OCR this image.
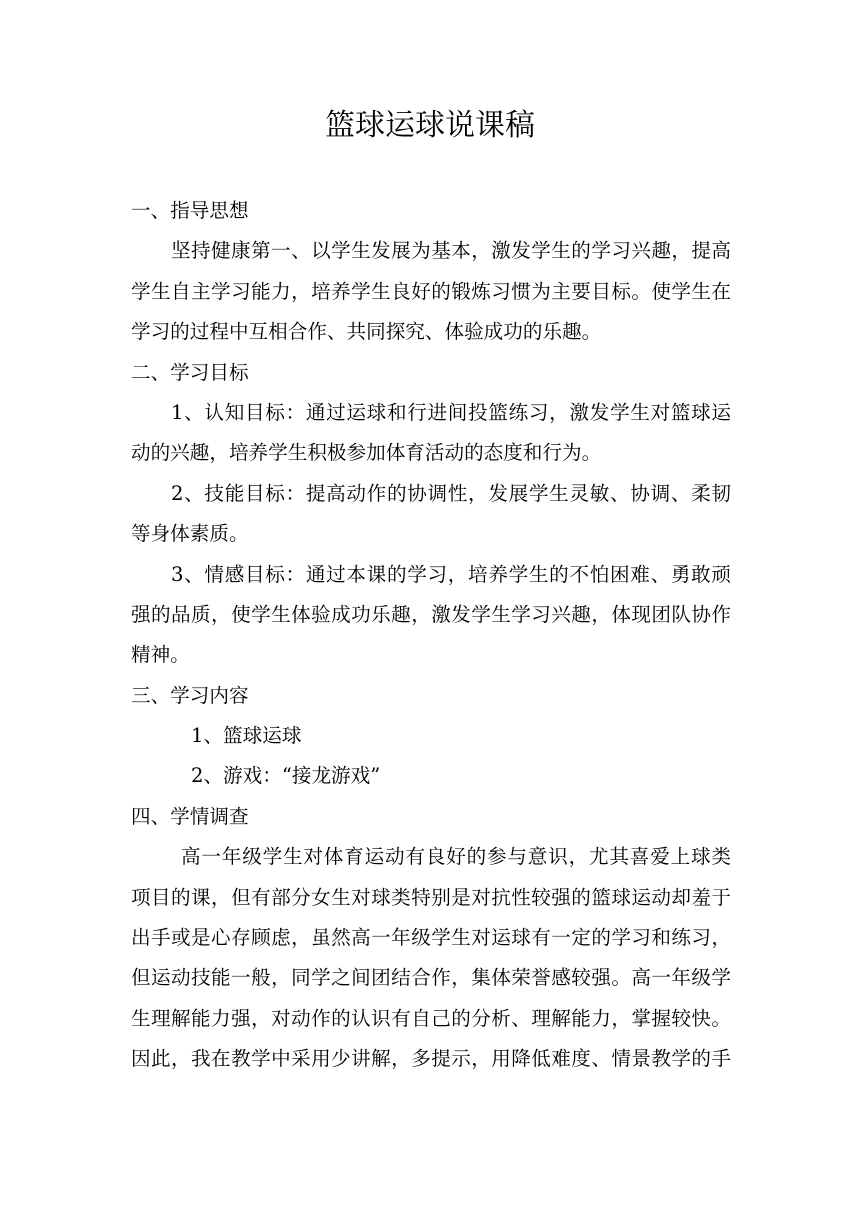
篮球运球说课稿
一、指导思想
坚持健康第一、以学生发展为基本，激发学生的学习兴趣，提高
学生自主学习能力，培养学生良好的锻炼习惯为主要目标。使学生在
学习的过程中互相合作、共同探究、体验成功的乐趣。
二、学习目标
1、认知目标：通过运球和行进间投篮练习，激发学生对篮球运
动的兴趣，培养学生积极参加体育活动的态度和行为。
2、技能目标：提高动作的协调性，发展学生灵敏、协调、柔韧
等身体素质。
3、情感目标：通过本课的学习，培养学生的不怕困难、勇敢顽
强的品质，使学生体验成功乐趣，激发学生学习兴趣，体现团队协作
精神。
三、学习内容
1、篮球运球
2、游戏：“接龙游戏”
四、学情调查
高一年级学生对体育运动有良好的参与意识，尤其喜爱上球类
项目的课，但有部分女生对球类特别是对抗性较强的篮球运动却羞于
出手或是心存顾虑，虽然高一年级学生对运球有一定的学习和练习，
但运动技能一般，同学之间团结合作，集体荣誉感较强。高一年级学
生理解能力强，对动作的认识有自己的分析、理解能力，掌握较快。
因此，我在教学中采用少讲解，多提示，用降低难度、情景教学的手
